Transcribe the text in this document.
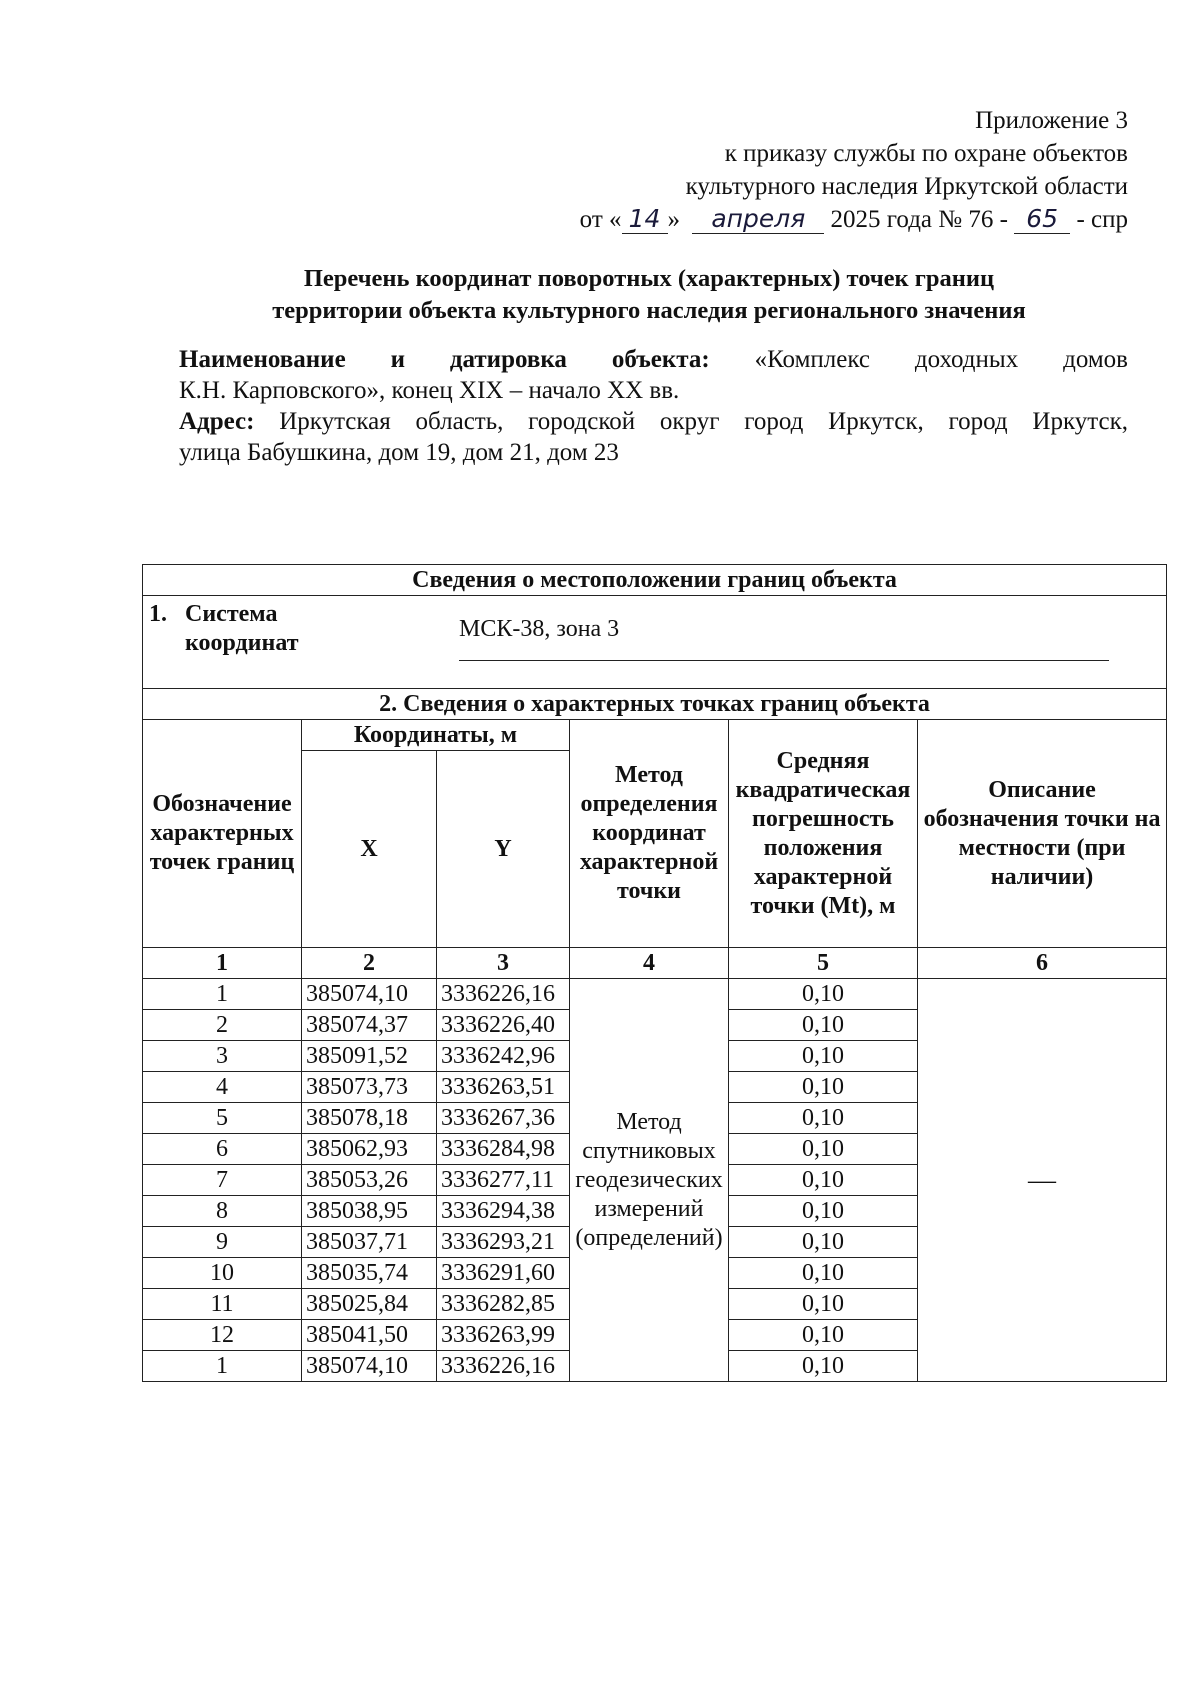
Приложение 3
к приказу службы по охране объектов
культурного наследия Иркутской области
от « 14 » апреля 2025 года № 76 - 65 - спр
Перечень координат поворотных (характерных) точек границ
территории объекта культурного наследия регионального значения

Наименование и датировка объекта: «Комплекс доходных домов

К.Н. Карповского», конец XIX – начало XX вв.

Адрес: Иркутская область, городской округ город Иркутск, город Иркутск,

улица Бабушкина, дом 19, дом 21, дом 23

Сведения о местоположении границ объекта					

1. Система
координат
МСК-38, зона 3					

2. Сведения о характерных точках границ объекта					
Обозначение характерных точек границ	Координаты, м		Метод определения координат характерной точки	Средняя квадратическая погрешность положения характерной точки (Mt), м	Описание обозначения точки на местности (при наличии)
	X	Y			
1	2	3	4	5	6
1	385074,10	3336226,16	Метод спутниковых геодезических измерений (определений)	0,10	—
2	385074,37	3336226,40		0,10	
3	385091,52	3336242,96		0,10	
4	385073,73	3336263,51		0,10	
5	385078,18	3336267,36		0,10	
6	385062,93	3336284,98		0,10	
7	385053,26	3336277,11		0,10	
8	385038,95	3336294,38		0,10	
9	385037,71	3336293,21		0,10	
10	385035,74	3336291,60		0,10	
11	385025,84	3336282,85		0,10	
12	385041,50	3336263,99		0,10	
1	385074,10	3336226,16		0,10	
